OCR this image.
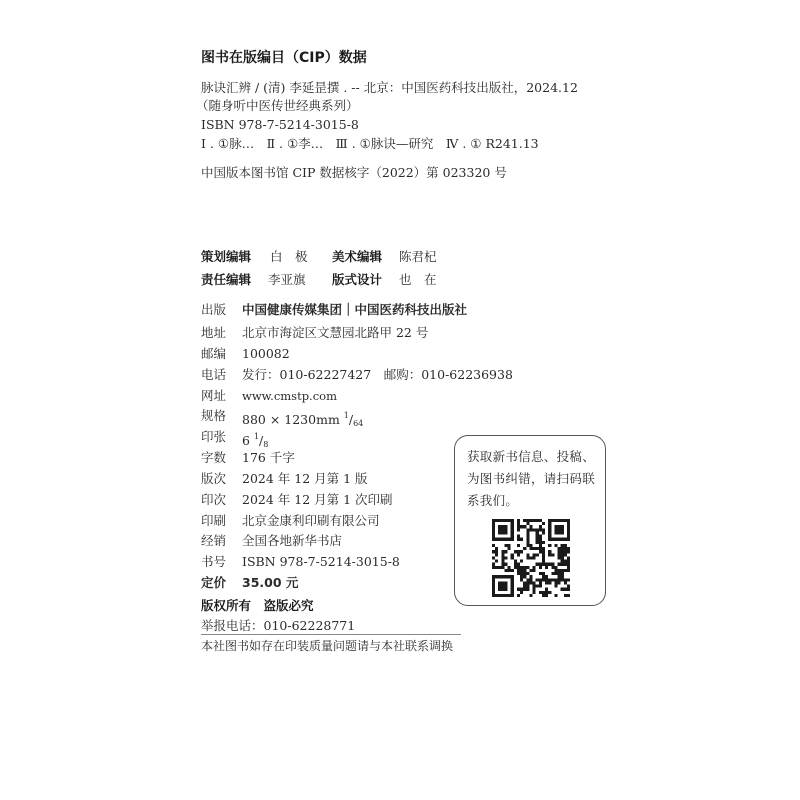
图书在版编目（CIP）数据
脉诀汇辨 / (清) 李延昰撰 . -- 北京：中国医药科技出版社，2024.12
（随身听中医传世经典系列）
ISBN 978-7-5214-3015-8
Ⅰ . ①脉…　Ⅱ . ①李…　Ⅲ . ①脉诀—研究　Ⅳ . ① R241.13
中国版本图书馆 CIP 数据核字（2022）第 023320 号
策划编辑 白　极 美术编辑 陈君杞
责任编辑 李亚旗 版式设计 也　在
出版 中国健康传媒集团｜中国医药科技出版社
地址 北京市海淀区文慧园北路甲 22 号
邮编 100082
电话 发行：010-62227427　邮购：010-62236938
网址 www.cmstp.com
规格 880 × 1230mm $^1/_{64}$
印张 6 $^1/_8$
字数 176 千字
版次 2024 年 12 月第 1 版
印次 2024 年 12 月第 1 次印刷
印刷 北京金康利印刷有限公司
经销 全国各地新华书店
书号 ISBN 978-7-5214-3015-8
定价 35.00 元
版权所有　盗版必究
举报电话：010-62228771
本社图书如存在印装质量问题请与本社联系调换
获取新书信息、投稿、为图书纠错，请扫码联系我们。
